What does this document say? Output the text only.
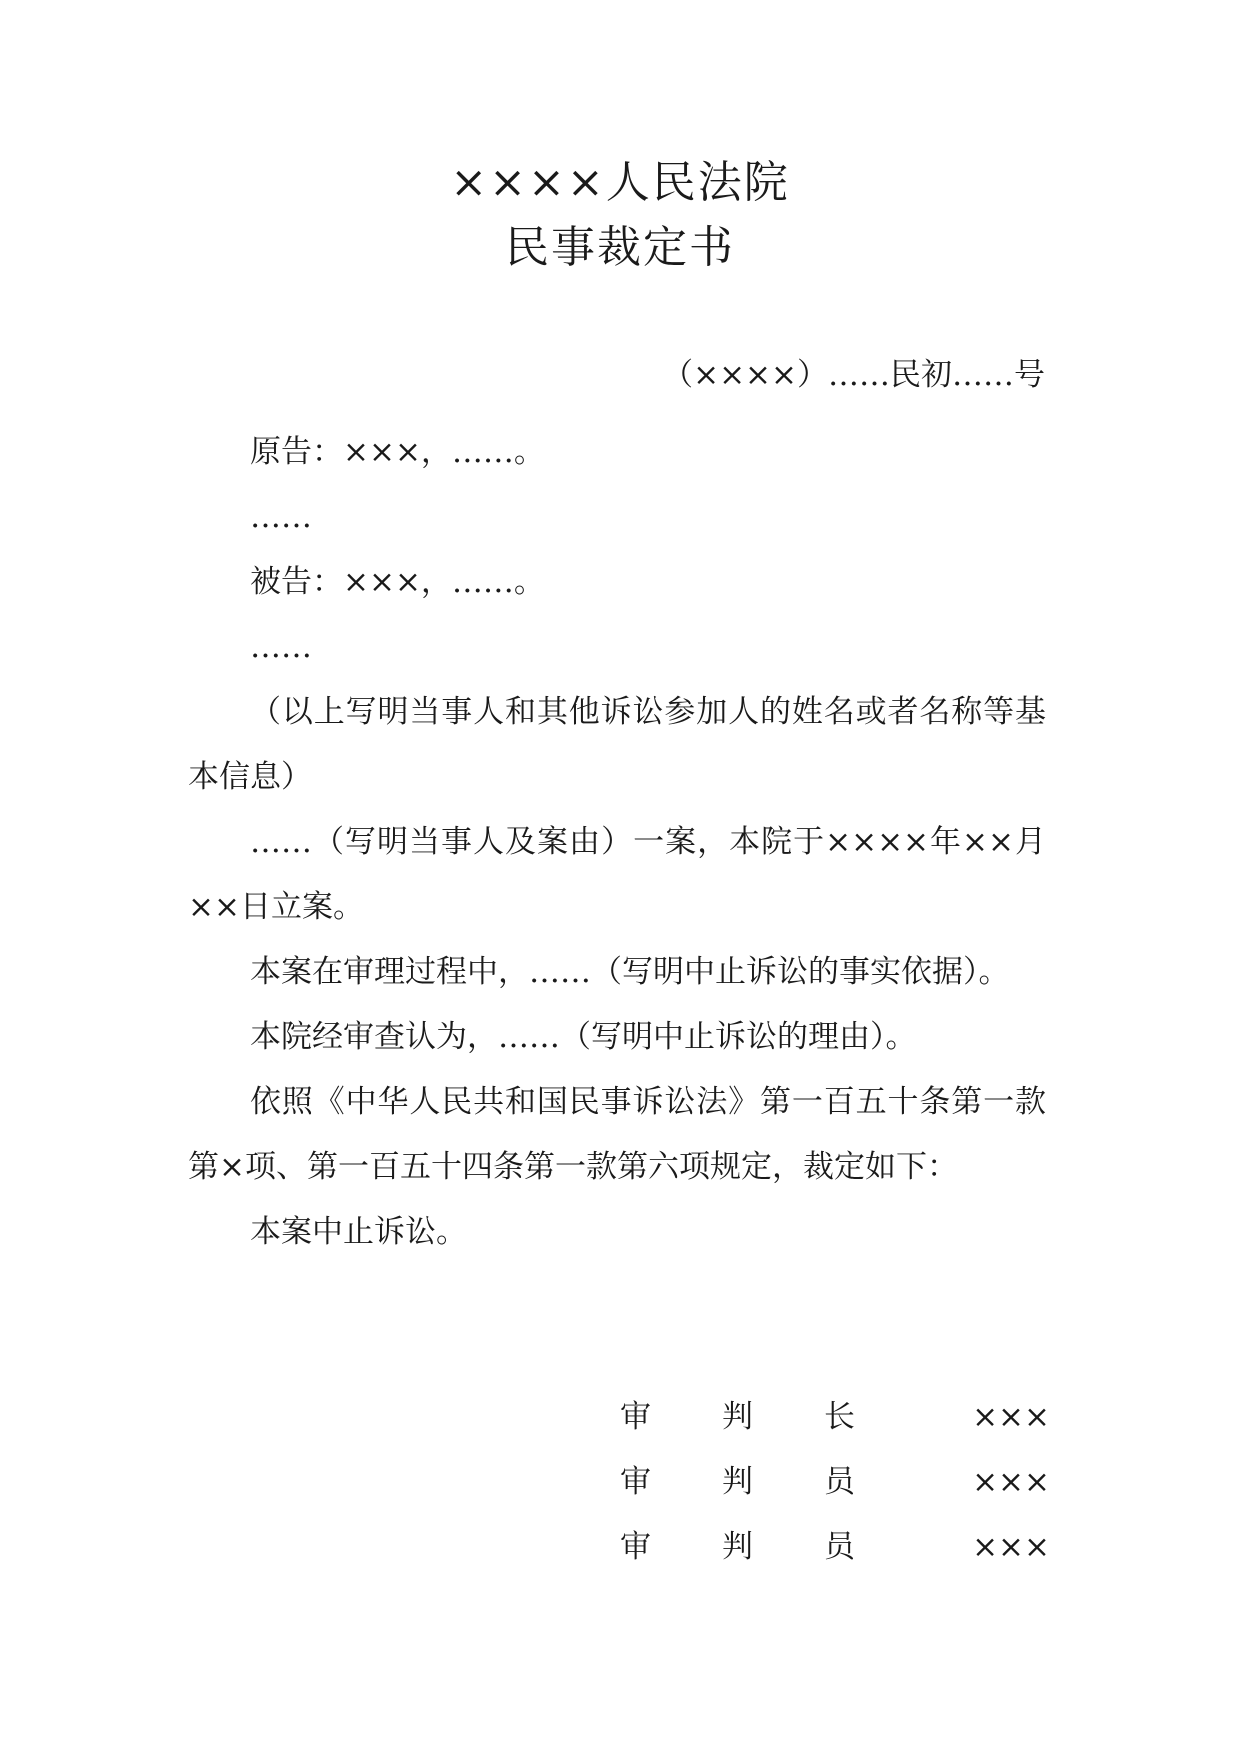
××××人民法院
民事裁定书
（××××）……民初……号

原告：×××，……。

……

被告：×××，……。

……

（以上写明当事人和其他诉讼参加人的姓名或者名称等基本信息）

……（写明当事人及案由）一案，本院于××××年××月××日立案。

本案在审理过程中，……（写明中止诉讼的事实依据）。

本院经审查认为，……（写明中止诉讼的理由）。

依照《中华人民共和国民事诉讼法》第一百五十条第一款第×项、第一百五十四条第一款第六项规定，裁定如下：

本案中止诉讼。

审 判 长	×××
审 判 员	×××
审 判 员	×××
